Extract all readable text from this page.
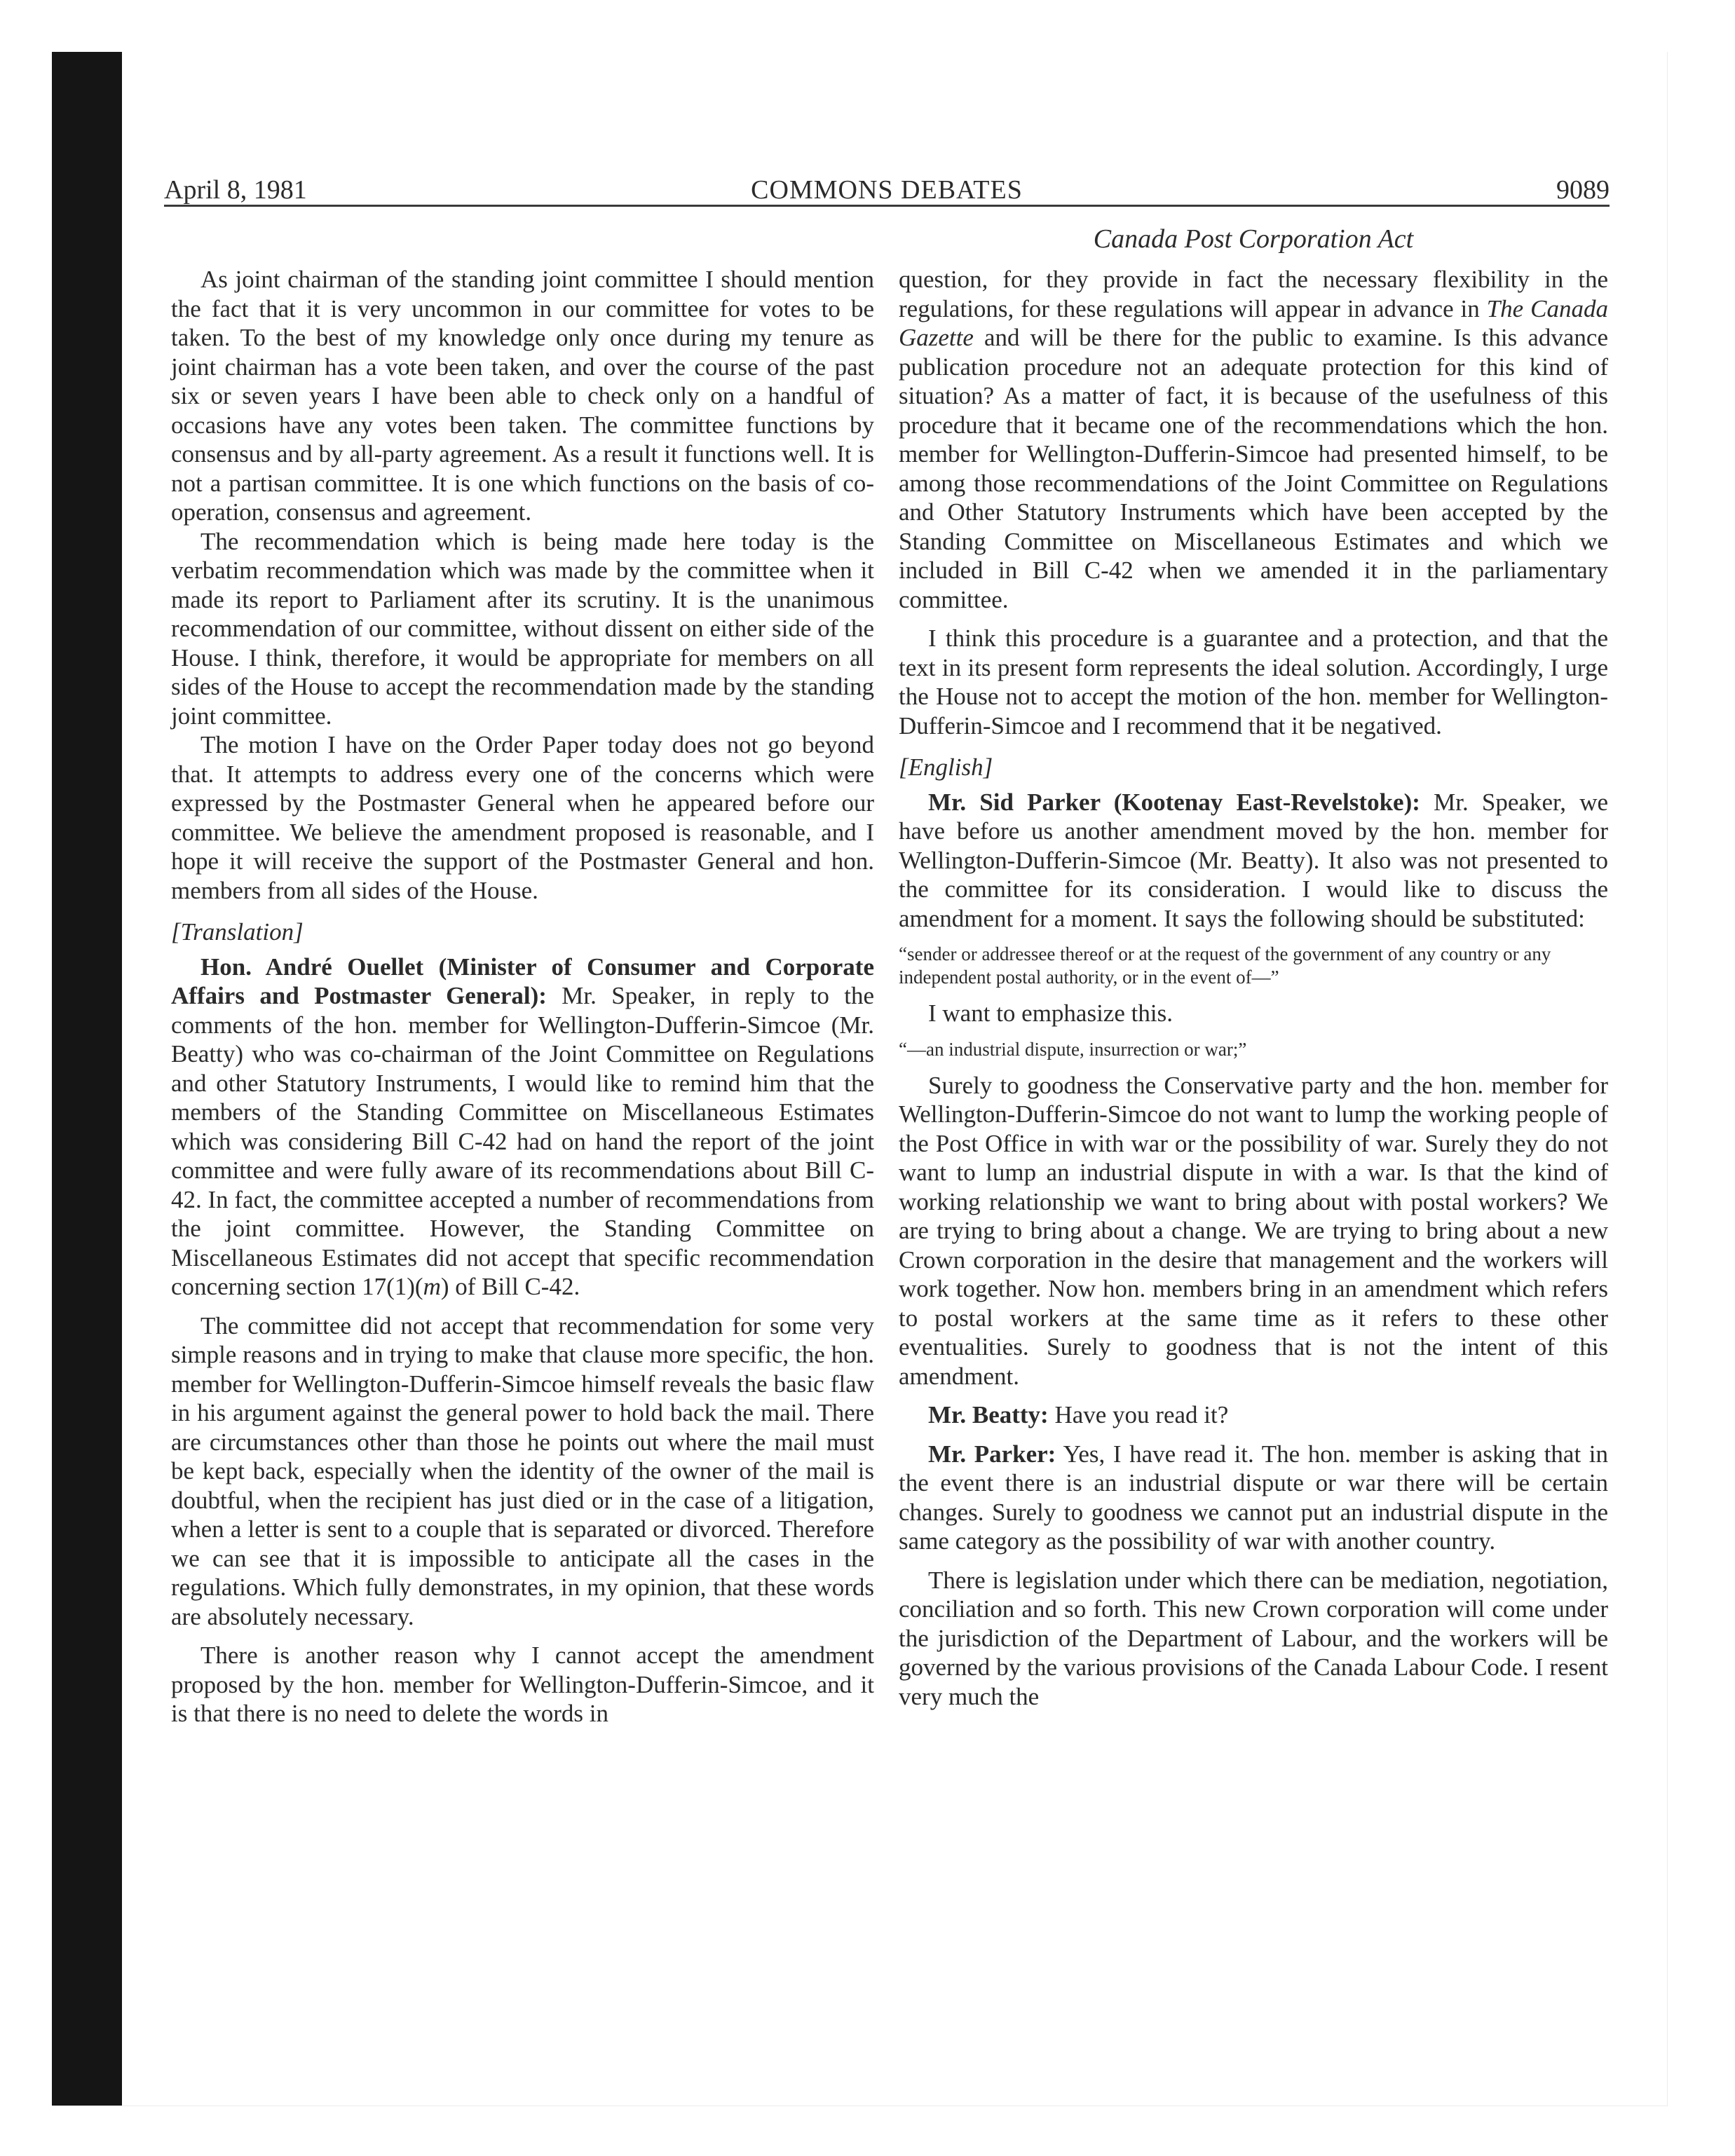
April 8, 1981	COMMONS DEBATES	9089
Canada Post Corporation Act

As joint chairman of the standing joint committee I should mention the fact that it is very uncommon in our committee for votes to be taken. To the best of my knowledge only once during my tenure as joint chairman has a vote been taken, and over the course of the past six or seven years I have been able to check only on a handful of occasions have any votes been taken. The committee functions by consensus and by all-party agreement. As a result it functions well. It is not a partisan committee. It is one which functions on the basis of co-operation, consensus and agreement.

The recommendation which is being made here today is the verbatim recommendation which was made by the committee when it made its report to Parliament after its scrutiny. It is the unanimous recommendation of our committee, without dissent on either side of the House. I think, therefore, it would be appropriate for members on all sides of the House to accept the recommendation made by the standing joint committee.

The motion I have on the Order Paper today does not go beyond that. It attempts to address every one of the concerns which were expressed by the Postmaster General when he appeared before our committee. We believe the amendment proposed is reasonable, and I hope it will receive the support of the Postmaster General and hon. members from all sides of the House.

[Translation]

Hon. André Ouellet (Minister of Consumer and Corporate Affairs and Postmaster General): Mr. Speaker, in reply to the comments of the hon. member for Wellington-Dufferin-Simcoe (Mr. Beatty) who was co-chairman of the Joint Committee on Regulations and other Statutory Instruments, I would like to remind him that the members of the Standing Committee on Miscellaneous Estimates which was considering Bill C-42 had on hand the report of the joint committee and were fully aware of its recommendations about Bill C-42. In fact, the committee accepted a number of recommendations from the joint committee. However, the Standing Committee on Miscellaneous Estimates did not accept that specific recommendation concerning section 17(1)(m) of Bill C-42.

The committee did not accept that recommendation for some very simple reasons and in trying to make that clause more specific, the hon. member for Wellington-Dufferin-Simcoe himself reveals the basic flaw in his argument against the general power to hold back the mail. There are circumstances other than those he points out where the mail must be kept back, especially when the identity of the owner of the mail is doubtful, when the recipient has just died or in the case of a litigation, when a letter is sent to a couple that is separated or divorced. Therefore we can see that it is impossible to anticipate all the cases in the regulations. Which fully demonstrates, in my opinion, that these words are absolutely necessary.

There is another reason why I cannot accept the amendment proposed by the hon. member for Wellington-Dufferin-Simcoe, and it is that there is no need to delete the words in

question, for they provide in fact the necessary flexibility in the regulations, for these regulations will appear in advance in The Canada Gazette and will be there for the public to examine. Is this advance publication procedure not an adequate protection for this kind of situation? As a matter of fact, it is because of the usefulness of this procedure that it became one of the recommendations which the hon. member for Wellington-Dufferin-Simcoe had presented himself, to be among those recommendations of the Joint Committee on Regulations and Other Statutory Instruments which have been accepted by the Standing Committee on Miscellaneous Estimates and which we included in Bill C-42 when we amended it in the parliamentary committee.

I think this procedure is a guarantee and a protection, and that the text in its present form represents the ideal solution. Accordingly, I urge the House not to accept the motion of the hon. member for Wellington-Dufferin-Simcoe and I recommend that it be negatived.

[English]

Mr. Sid Parker (Kootenay East-Revelstoke): Mr. Speaker, we have before us another amendment moved by the hon. member for Wellington-Dufferin-Simcoe (Mr. Beatty). It also was not presented to the committee for its consideration. I would like to discuss the amendment for a moment. It says the following should be substituted:

“sender or addressee thereof or at the request of the government of any country or any independent postal authority, or in the event of—”

I want to emphasize this.

“—an industrial dispute, insurrection or war;”

Surely to goodness the Conservative party and the hon. member for Wellington-Dufferin-Simcoe do not want to lump the working people of the Post Office in with war or the possibility of war. Surely they do not want to lump an industrial dispute in with a war. Is that the kind of working relationship we want to bring about with postal workers? We are trying to bring about a change. We are trying to bring about a new Crown corporation in the desire that management and the workers will work together. Now hon. members bring in an amendment which refers to postal workers at the same time as it refers to these other eventualities. Surely to goodness that is not the intent of this amendment.

Mr. Beatty: Have you read it?

Mr. Parker: Yes, I have read it. The hon. member is asking that in the event there is an industrial dispute or war there will be certain changes. Surely to goodness we cannot put an industrial dispute in the same category as the possibility of war with another country.

There is legislation under which there can be mediation, negotiation, conciliation and so forth. This new Crown corporation will come under the jurisdiction of the Department of Labour, and the workers will be governed by the various provisions of the Canada Labour Code. I resent very much the
